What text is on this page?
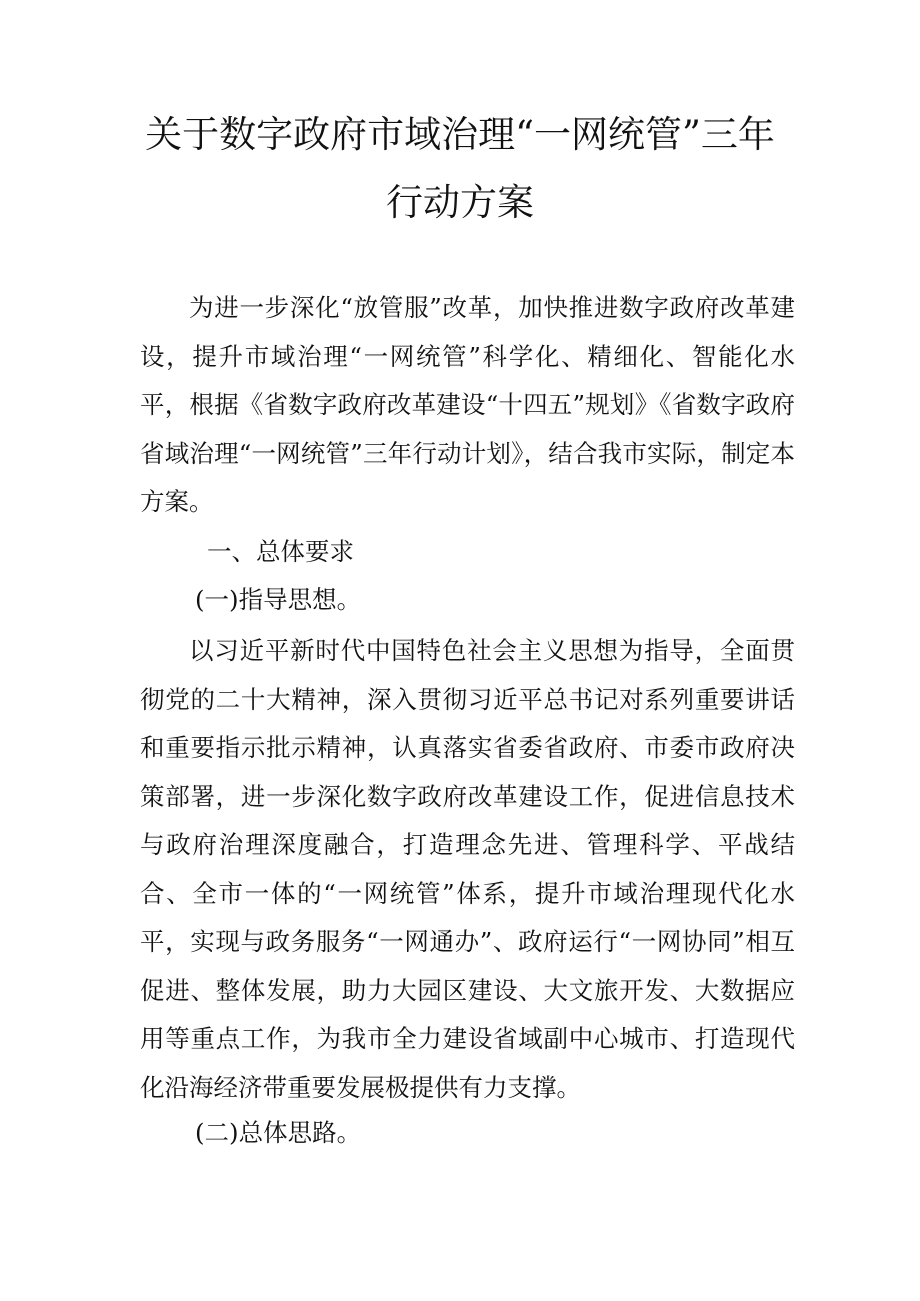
关于数字政府市域治理“一网统管”三年
行动方案

为进一步深化“放管服”改革，加快推进数字政府改革建设，提升市域治理“一网统管”科学化、精细化、智能化水平，根据《省数字政府改革建设“十四五”规划》《省数字政府省域治理“一网统管”三年行动计划》，结合我市实际，制定本方案。

一、总体要求

(一)指导思想。

以习近平新时代中国特色社会主义思想为指导，全面贯彻党的二十大精神，深入贯彻习近平总书记对系列重要讲话和重要指示批示精神，认真落实省委省政府、市委市政府决策部署，进一步深化数字政府改革建设工作，促进信息技术与政府治理深度融合，打造理念先进、管理科学、平战结合、全市一体的“一网统管”体系，提升市域治理现代化水平，实现与政务服务“一网通办”、政府运行“一网协同”相互促进、整体发展，助力大园区建设、大文旅开发、大数据应用等重点工作，为我市全力建设省域副中心城市、打造现代化沿海经济带重要发展极提供有力支撑。

(二)总体思路。
